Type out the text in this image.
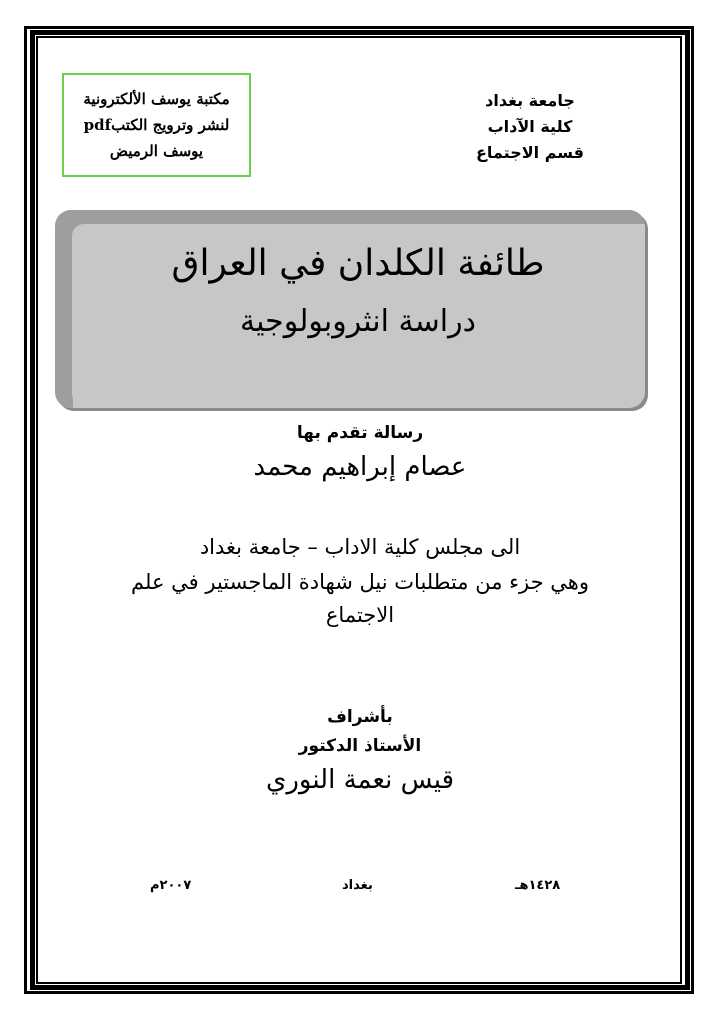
مكتبة يوسف الألكترونية
لنشر وترويج الكتبpdf
يوسف الرميض
جامعة بغداد
كلية الآداب
قسم الاجتماع
طائفة الكلدان في العراق
دراسة انثروبولوجية
رسالة تقدم بها
عصام إبراهيم محمد
الى مجلس كلية الاداب – جامعة بغداد
وهي جزء من متطلبات نيل شهادة الماجستير في علم
الاجتماع
بأشراف
الأستاذ الدكتور
قيس نعمة النوري
١٤٢٨هـ
بغداد
٢٠٠٧م
